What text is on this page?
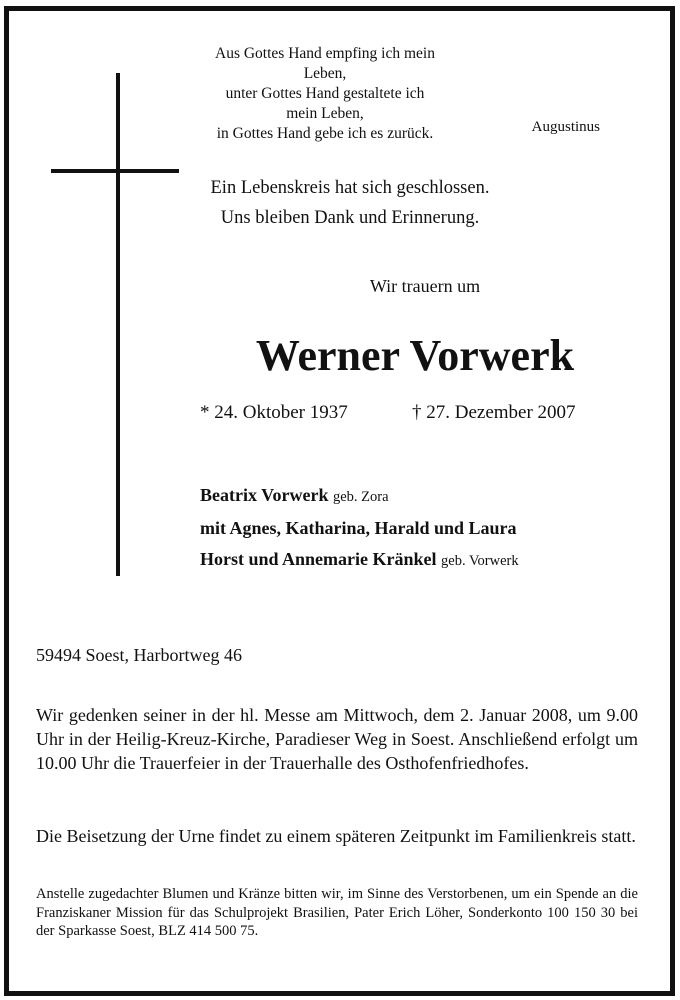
Aus Gottes Hand empfing ich mein Leben,
unter Gottes Hand gestaltete ich mein Leben,
in Gottes Hand gebe ich es zurück.	Augustinus
Ein Lebenskreis hat sich geschlossen.
Uns bleiben Dank und Erinnerung.
Wir trauern um
Werner Vorwerk
* 24. Oktober 1937	† 27. Dezember 2007
Beatrix Vorwerk geb. Zora
mit Agnes, Katharina, Harald und Laura
Horst und Annemarie Kränkel geb. Vorwerk
59494 Soest, Harbortweg 46
Wir gedenken seiner in der hl. Messe am Mittwoch, dem 2. Januar 2008, um 9.00 Uhr in der Heilig-Kreuz-Kirche, Paradieser Weg in Soest. Anschließend erfolgt um 10.00 Uhr die Trauerfeier in der Trauerhalle des Osthofenfriedhofes.
Die Beisetzung der Urne findet zu einem späteren Zeitpunkt im Familienkreis statt.
Anstelle zugedachter Blumen und Kränze bitten wir, im Sinne des Verstorbenen, um ein Spende an die Franziskaner Mission für das Schulprojekt Brasilien, Pater Erich Löher, Sonderkonto 100 150 30 bei der Sparkasse Soest, BLZ 414 500 75.
